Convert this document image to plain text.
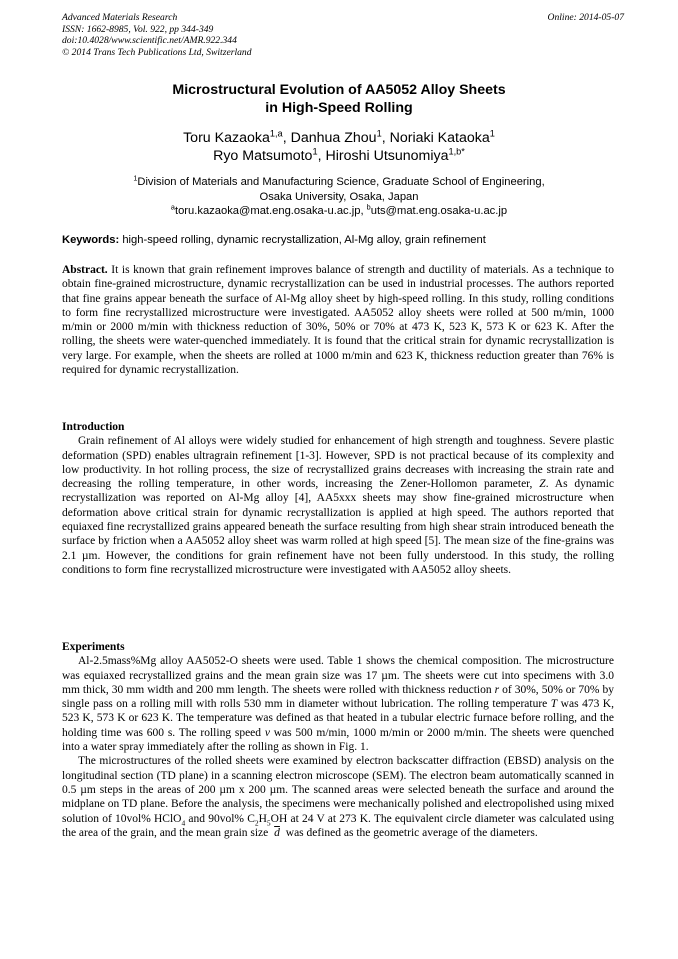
Advanced Materials Research
ISSN: 1662-8985, Vol. 922, pp 344-349
doi:10.4028/www.scientific.net/AMR.922.344
© 2014 Trans Tech Publications Ltd, Switzerland
Online: 2014-05-07
Microstructural Evolution of AA5052 Alloy Sheets
in High-Speed Rolling
Toru Kazaoka$^{1,a}$, Danhua Zhou$^1$, Noriaki Kataoka$^1$
Ryo Matsumoto$^1$, Hiroshi Utsunomiya$^{1,b*}$
$^1$Division of Materials and Manufacturing Science, Graduate School of Engineering,
Osaka University, Osaka, Japan
$^a$toru.kazaoka@mat.eng.osaka-u.ac.jp, $^b$uts@mat.eng.osaka-u.ac.jp
Keywords: high-speed rolling, dynamic recrystallization, Al-Mg alloy, grain refinement

Abstract. It is known that grain refinement improves balance of strength and ductility of materials. As a technique to obtain fine-grained microstructure, dynamic recrystallization can be used in industrial processes. The authors reported that fine grains appear beneath the surface of Al-Mg alloy sheet by high-speed rolling. In this study, rolling conditions to form fine recrystallized microstructure were investigated. AA5052 alloy sheets were rolled at 500 m/min, 1000 m/min or 2000 m/min with thickness reduction of 30%, 50% or 70% at 473 K, 523 K, 573 K or 623 K. After the rolling, the sheets were water-quenched immediately. It is found that the critical strain for dynamic recrystallization is very large. For example, when the sheets are rolled at 1000 m/min and 623 K, thickness reduction greater than 76% is required for dynamic recrystallization.

Introduction

Grain refinement of Al alloys were widely studied for enhancement of high strength and toughness. Severe plastic deformation (SPD) enables ultragrain refinement [1-3]. However, SPD is not practical because of its complexity and low productivity. In hot rolling process, the size of recrystallized grains decreases with increasing the strain rate and decreasing the rolling temperature, in other words, increasing the Zener-Hollomon parameter, Z. As dynamic recrystallization was reported on Al-Mg alloy [4], AA5xxx sheets may show fine-grained microstructure when deformation above critical strain for dynamic recrystallization is applied at high speed. The authors reported that equiaxed fine recrystallized grains appeared beneath the surface resulting from high shear strain introduced beneath the surface by friction when a AA5052 alloy sheet was warm rolled at high speed [5]. The mean size of the fine-grains was 2.1 µm. However, the conditions for grain refinement have not been fully understood. In this study, the rolling conditions to form fine recrystallized microstructure were investigated with AA5052 alloy sheets.

Experiments

Al-2.5mass%Mg alloy AA5052-O sheets were used. Table 1 shows the chemical composition. The microstructure was equiaxed recrystallized grains and the mean grain size was 17 µm. The sheets were cut into specimens with 3.0 mm thick, 30 mm width and 200 mm length. The sheets were rolled with thickness reduction r of 30%, 50% or 70% by single pass on a rolling mill with rolls 530 mm in diameter without lubrication. The rolling temperature T was 473 K, 523 K, 573 K or 623 K. The temperature was defined as that heated in a tubular electric furnace before rolling, and the holding time was 600 s. The rolling speed v was 500 m/min, 1000 m/min or 2000 m/min. The sheets were quenched into a water spray immediately after the rolling as shown in Fig. 1.

The microstructures of the rolled sheets were examined by electron backscatter diffraction (EBSD) analysis on the longitudinal section (TD plane) in a scanning electron microscope (SEM). The electron beam automatically scanned in 0.5 µm steps in the areas of 200 µm x 200 µm. The scanned areas were selected beneath the surface and around the midplane on TD plane. Before the analysis, the specimens were mechanically polished and electropolished using mixed solution of 10vol% HClO$_4$ and 90vol% $C_2H_5OH$ at 24 V at 273 K. The equivalent circle diameter was calculated using the area of the grain, and the mean grain size $\overline{d}$ was defined as the geometric average of the diameters.
